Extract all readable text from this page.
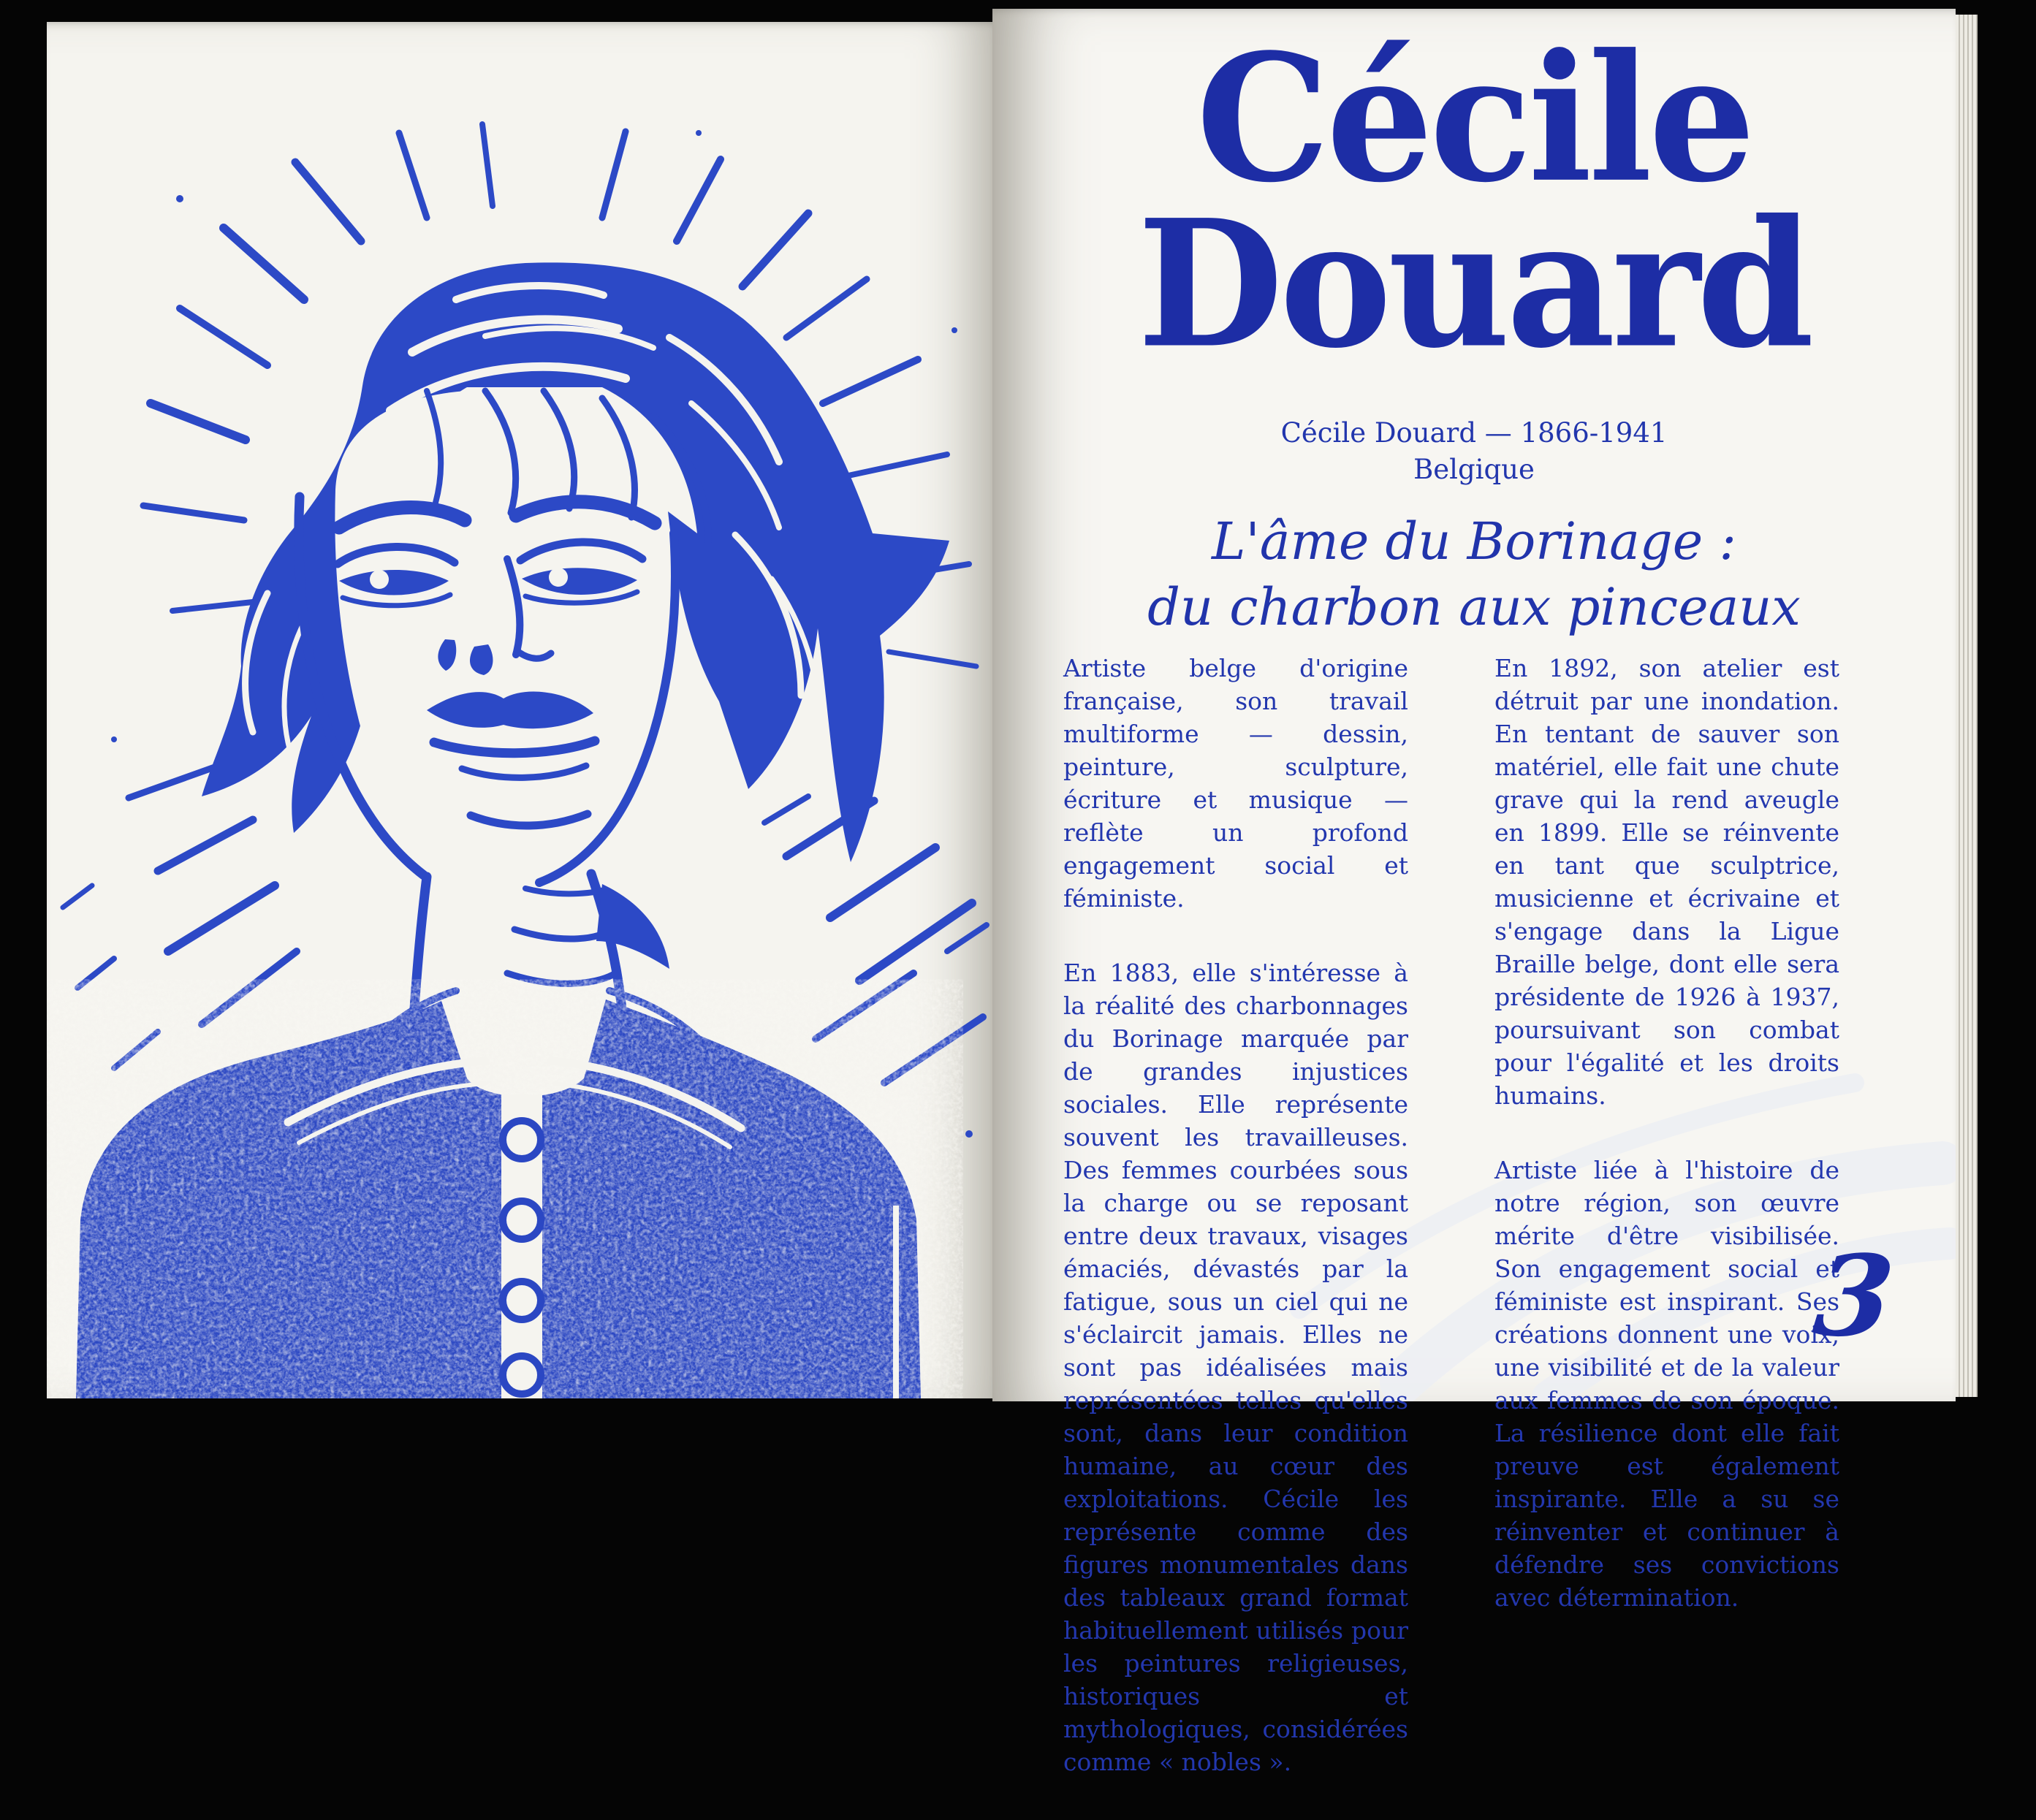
Cécile
Douard
Cécile Douard — 1866-1941
Belgique
L'âme du Borinage :
du charbon aux pinceaux

Artiste belge d'origine française, son travail multiforme — dessin, peinture, sculpture, écriture et musique — reflète un profond engagement social et féministe.

En 1883, elle s'intéresse à la réalité des charbonnages du Borinage marquée par de grandes injustices sociales. Elle représente souvent les travailleuses. Des femmes courbées sous la charge ou se reposant entre deux travaux, visages émaciés, dévastés par la fatigue, sous un ciel qui ne s'éclaircit jamais. Elles ne sont pas idéalisées mais représentées telles qu'elles sont, dans leur condition humaine, au cœur des exploitations. Cécile les représente comme des figures monumentales dans des tableaux grand format habituellement utilisés pour les peintures religieuses, historiques et mythologiques, considérées comme « nobles ».

En 1892, son atelier est détruit par une inondation. En tentant de sauver son matériel, elle fait une chute grave qui la rend aveugle en 1899. Elle se réinvente en tant que sculptrice, musicienne et écrivaine et s'engage dans la Ligue Braille belge, dont elle sera présidente de 1926 à 1937, poursuivant son combat pour l'égalité et les droits humains.

Artiste liée à l'histoire de notre région, son œuvre mérite d'être visibilisée. Son engagement social et féministe est inspirant. Ses créations donnent une voix, une visibilité et de la valeur aux femmes de son époque. La résilience dont elle fait preuve est également inspirante. Elle a su se réinventer et continuer à défendre ses convictions avec détermination.

3
